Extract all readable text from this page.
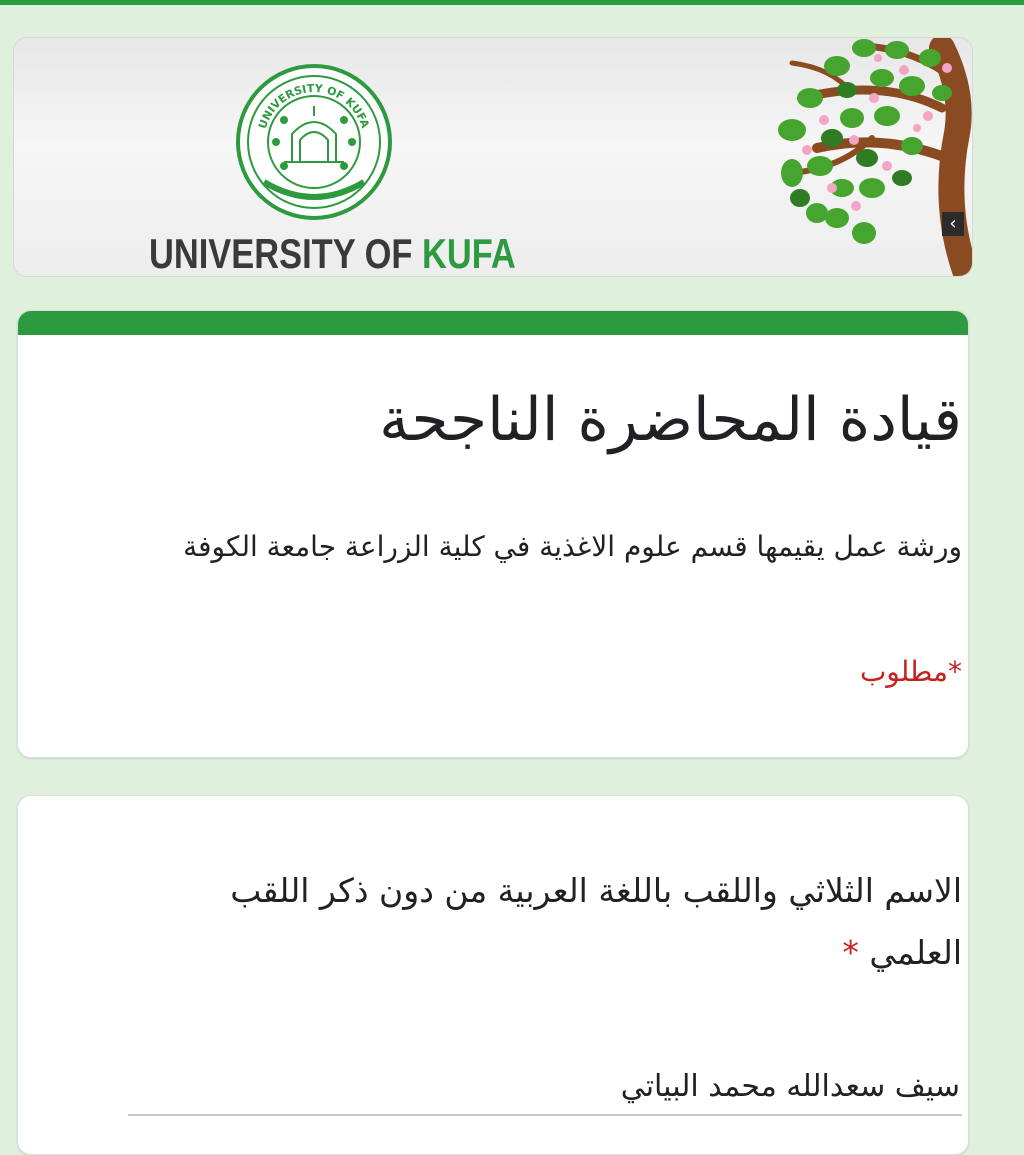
UNIVERSITY OF KUFA
UNIVERSITY OF KUFA
‹
قيادة المحاضرة الناجحة
ورشة عمل يقيمها قسم علوم الاغذية في كلية الزراعة جامعة الكوفة
*مطلوب
الاسم الثلاثي واللقب باللغة العربية من دون ذكر اللقب العلمي *
سيف سعدالله محمد البياتي
